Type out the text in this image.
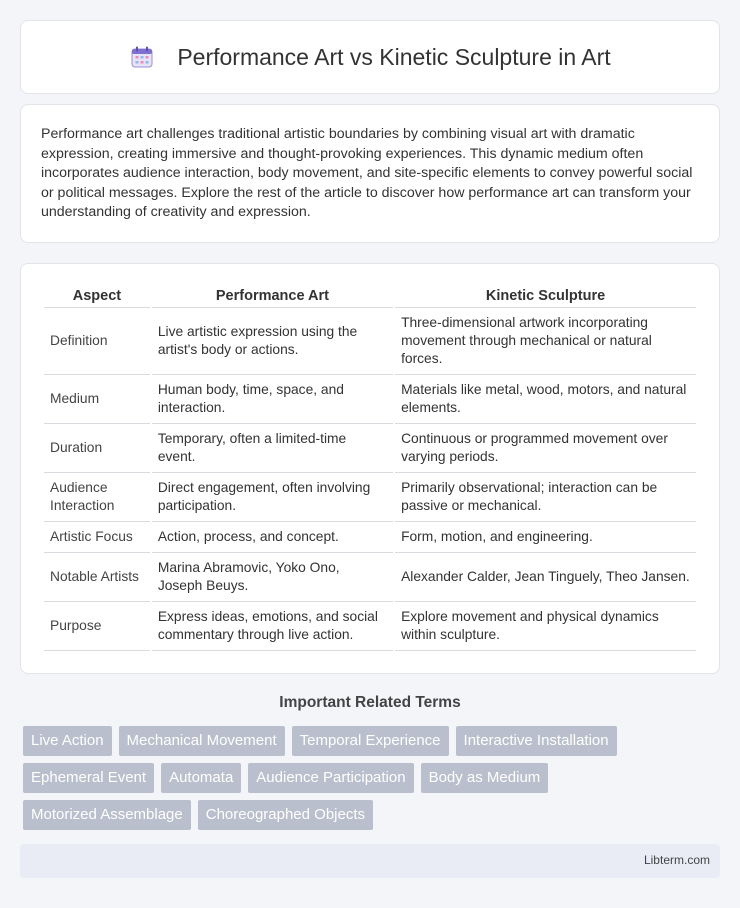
Performance Art vs Kinetic Sculpture in Art

Performance art challenges traditional artistic boundaries by combining visual art with dramatic expression, creating immersive and thought-provoking experiences. This dynamic medium often incorporates audience interaction, body movement, and site-specific elements to convey powerful social or political messages. Explore the rest of the article to discover how performance art can transform your understanding of creativity and expression.

Aspect	Performance Art	Kinetic Sculpture
Definition	Live artistic expression using the artist's body or actions.	Three-dimensional artwork incorporating movement through mechanical or natural forces.
Medium	Human body, time, space, and interaction.	Materials like metal, wood, motors, and natural elements.
Duration	Temporary, often a limited-time event.	Continuous or programmed movement over varying periods.
Audience Interaction	Direct engagement, often involving participation.	Primarily observational; interaction can be passive or mechanical.
Artistic Focus	Action, process, and concept.	Form, motion, and engineering.
Notable Artists	Marina Abramovic, Yoko Ono, Joseph Beuys.	Alexander Calder, Jean Tinguely, Theo Jansen.
Purpose	Express ideas, emotions, and social commentary through live action.	Explore movement and physical dynamics within sculpture.
Important Related Terms
Live Action	Mechanical Movement	Temporal Experience	Interactive Installation
Ephemeral Event	Automata	Audience Participation	Body as Medium
Motorized Assemblage	Choreographed Objects
Libterm.com
